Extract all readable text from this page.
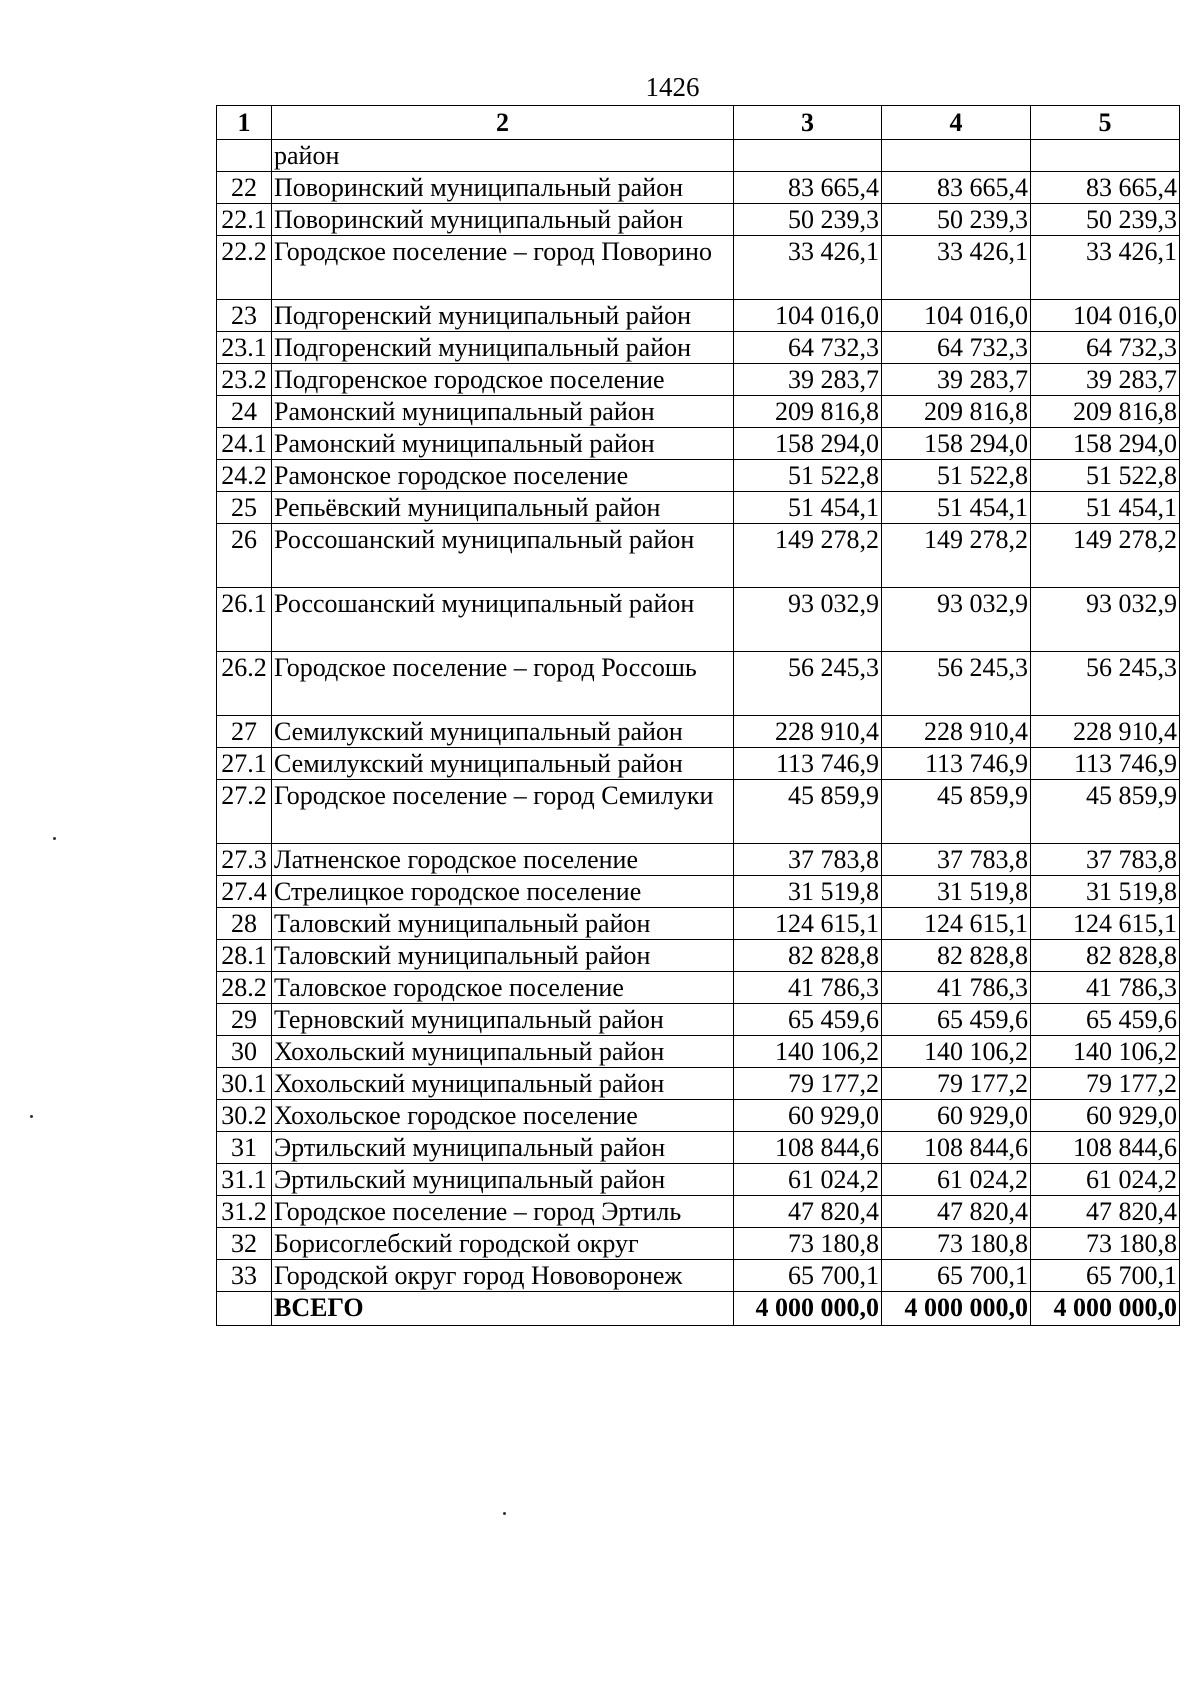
1426
1	2	3	4	5
	район			
22	Поворинский муниципальный район	83 665,4	83 665,4	83 665,4
22.1	Поворинский муниципальный район	50 239,3	50 239,3	50 239,3
22.2	Городское поселение – город Поворино	33 426,1	33 426,1	33 426,1
23	Подгоренский муниципальный район	104 016,0	104 016,0	104 016,0
23.1	Подгоренский муниципальный район	64 732,3	64 732,3	64 732,3
23.2	Подгоренское городское поселение	39 283,7	39 283,7	39 283,7
24	Рамонский муниципальный район	209 816,8	209 816,8	209 816,8
24.1	Рамонский муниципальный район	158 294,0	158 294,0	158 294,0
24.2	Рамонское городское поселение	51 522,8	51 522,8	51 522,8
25	Репьёвский муниципальный район	51 454,1	51 454,1	51 454,1
26	Россошанский муниципальный район	149 278,2	149 278,2	149 278,2
26.1	Россошанский муниципальный район	93 032,9	93 032,9	93 032,9
26.2	Городское поселение – город Россошь	56 245,3	56 245,3	56 245,3
27	Семилукский муниципальный район	228 910,4	228 910,4	228 910,4
27.1	Семилукский муниципальный район	113 746,9	113 746,9	113 746,9
27.2	Городское поселение – город Семилуки	45 859,9	45 859,9	45 859,9
27.3	Латненское городское поселение	37 783,8	37 783,8	37 783,8
27.4	Стрелицкое городское поселение	31 519,8	31 519,8	31 519,8
28	Таловский муниципальный район	124 615,1	124 615,1	124 615,1
28.1	Таловский муниципальный район	82 828,8	82 828,8	82 828,8
28.2	Таловское городское поселение	41 786,3	41 786,3	41 786,3
29	Терновский муниципальный район	65 459,6	65 459,6	65 459,6
30	Хохольский муниципальный район	140 106,2	140 106,2	140 106,2
30.1	Хохольский муниципальный район	79 177,2	79 177,2	79 177,2
30.2	Хохольское городское поселение	60 929,0	60 929,0	60 929,0
31	Эртильский муниципальный район	108 844,6	108 844,6	108 844,6
31.1	Эртильский муниципальный район	61 024,2	61 024,2	61 024,2
31.2	Городское поселение – город Эртиль	47 820,4	47 820,4	47 820,4
32	Борисоглебский городской округ	73 180,8	73 180,8	73 180,8
33	Городской округ город Нововоронеж	65 700,1	65 700,1	65 700,1
	ВСЕГО	4 000 000,0	4 000 000,0	4 000 000,0
